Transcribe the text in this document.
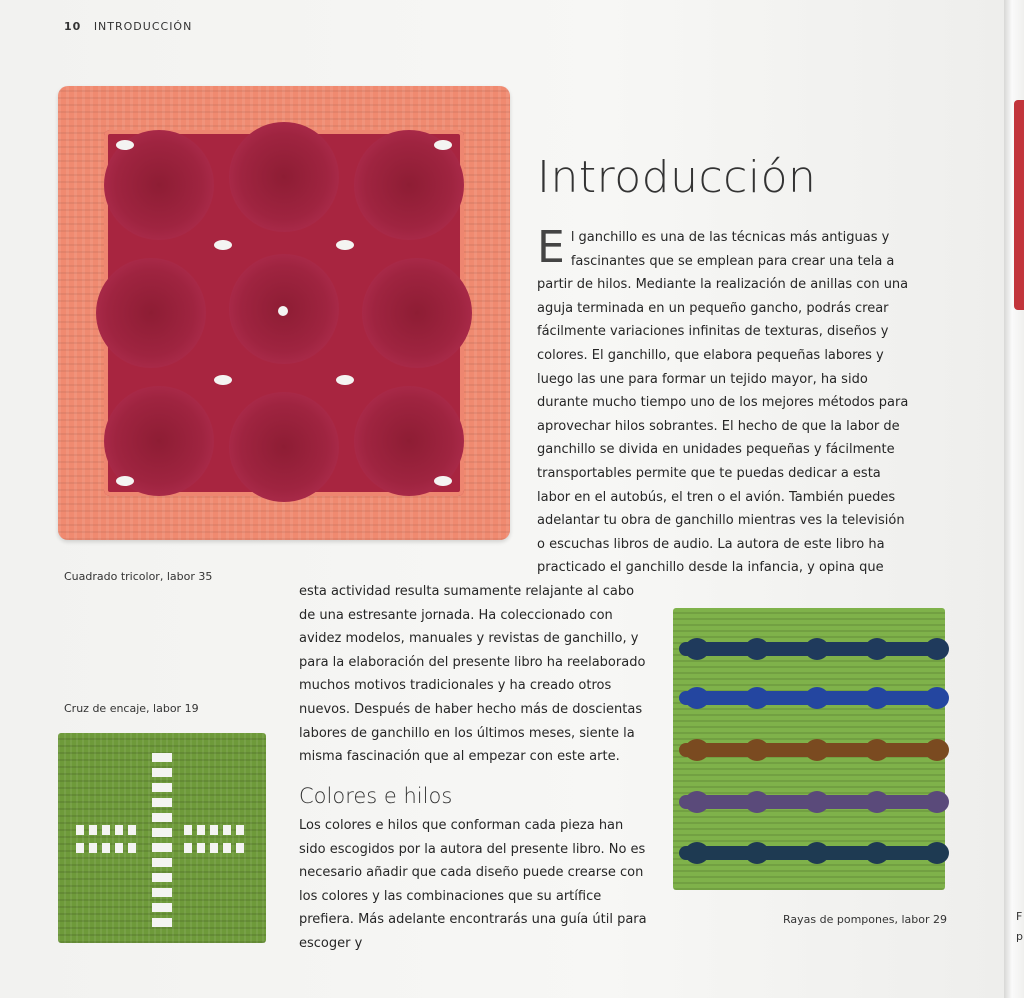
F
p
10 INTRODUCCIÓN
Cuadrado tricolor, labor 35
Introducción
E l ganchillo es una de las técnicas más antiguas y fascinantes que se emplean para crear una tela a partir de hilos. Mediante la realización de anillas con una aguja terminada en un pequeño gancho, podrás crear fácilmente variaciones infinitas de texturas, diseños y colores. El ganchillo, que elabora pequeñas labores y luego las une para formar un tejido mayor, ha sido durante mucho tiempo uno de los mejores métodos para aprovechar hilos sobrantes. El hecho de que la labor de ganchillo se divida en unidades pequeñas y fácilmente transportables permite que te puedas dedicar a esta labor en el autobús, el tren o el avión. También puedes adelantar tu obra de ganchillo mientras ves la televisión o escuchas libros de audio. La autora de este libro ha practicado el ganchillo desde la infancia, y opina que

esta actividad resulta sumamente relajante al cabo de una estresante jornada. Ha coleccionado con avidez modelos, manuales y revistas de ganchillo, y para la elaboración del presente libro ha reelaborado muchos motivos tradicionales y ha creado otros nuevos. Después de haber hecho más de doscientas labores de ganchillo en los últimos meses, siente la misma fascinación que al empezar con este arte.
Colores e hilos
Los colores e hilos que conforman cada pieza han sido escogidos por la autora del presente libro. No es necesario añadir que cada diseño puede crearse con los colores y las combinaciones que su artífice prefiera. Más adelante encontrarás una guía útil para escoger y
Cruz de encaje, labor 19
Rayas de pompones, labor 29
